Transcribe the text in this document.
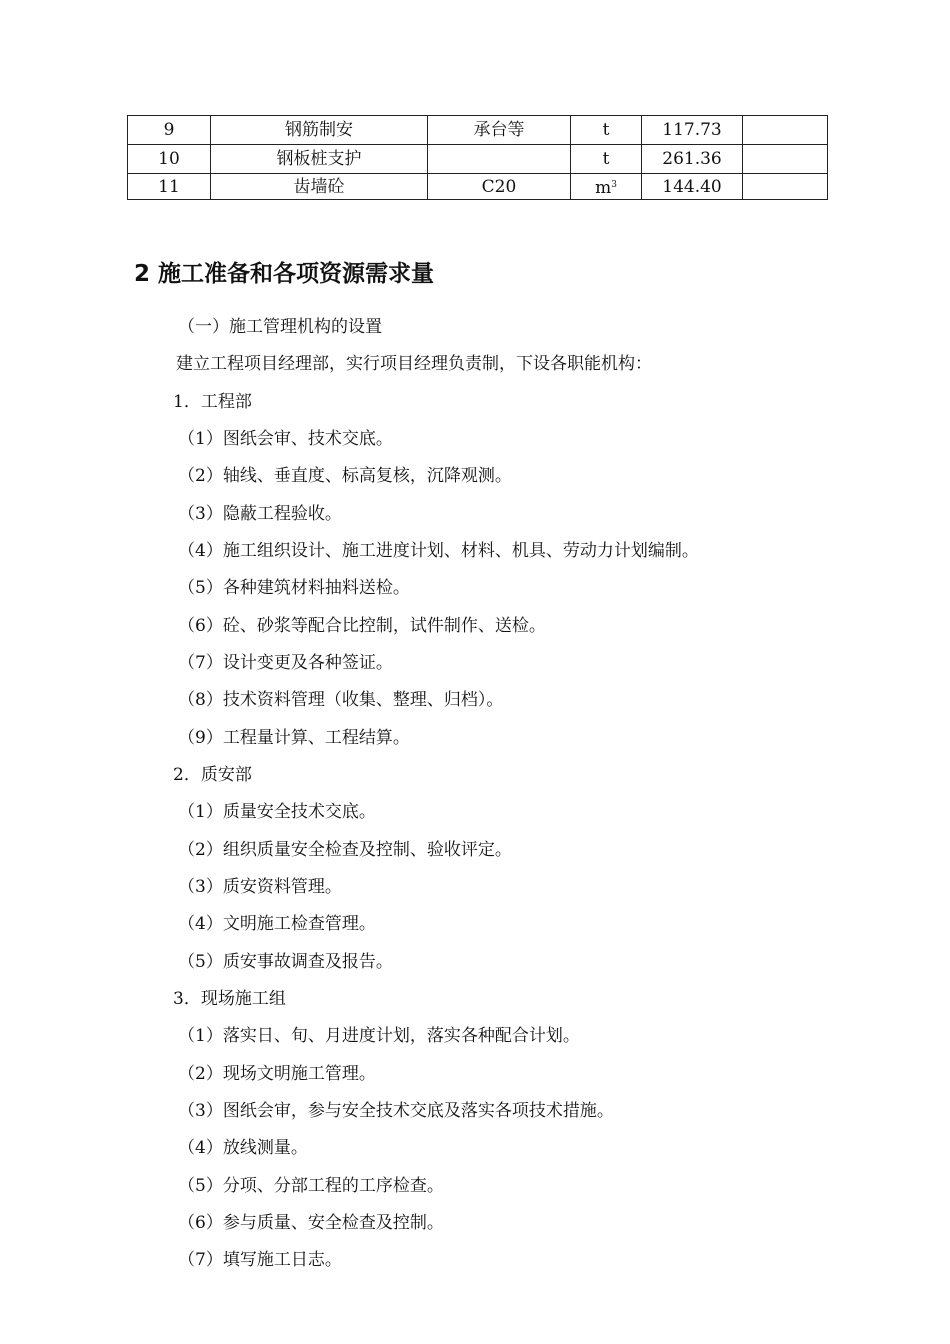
9	钢筋制安	承台等	t	117.73	
10	钢板桩支护		t	261.36	
11	齿墙砼	C20	$m^3$	144.40	
2 施工准备和各项资源需求量
（一）施工管理机构的设置
建立工程项目经理部，实行项目经理负责制，下设各职能机构：
1．工程部
（1）图纸会审、技术交底。
（2）轴线、垂直度、标高复核，沉降观测。
（3）隐蔽工程验收。
（4）施工组织设计、施工进度计划、材料、机具、劳动力计划编制。
（5）各种建筑材料抽料送检。
（6）砼、砂浆等配合比控制，试件制作、送检。
（7）设计变更及各种签证。
（8）技术资料管理（收集、整理、归档）。
（9）工程量计算、工程结算。
2．质安部
（1）质量安全技术交底。
（2）组织质量安全检查及控制、验收评定。
（3）质安资料管理。
（4）文明施工检查管理。
（5）质安事故调查及报告。
3．现场施工组
（1）落实日、旬、月进度计划，落实各种配合计划。
（2）现场文明施工管理。
（3）图纸会审，参与安全技术交底及落实各项技术措施。
（4）放线测量。
（5）分项、分部工程的工序检查。
（6）参与质量、安全检查及控制。
（7）填写施工日志。
